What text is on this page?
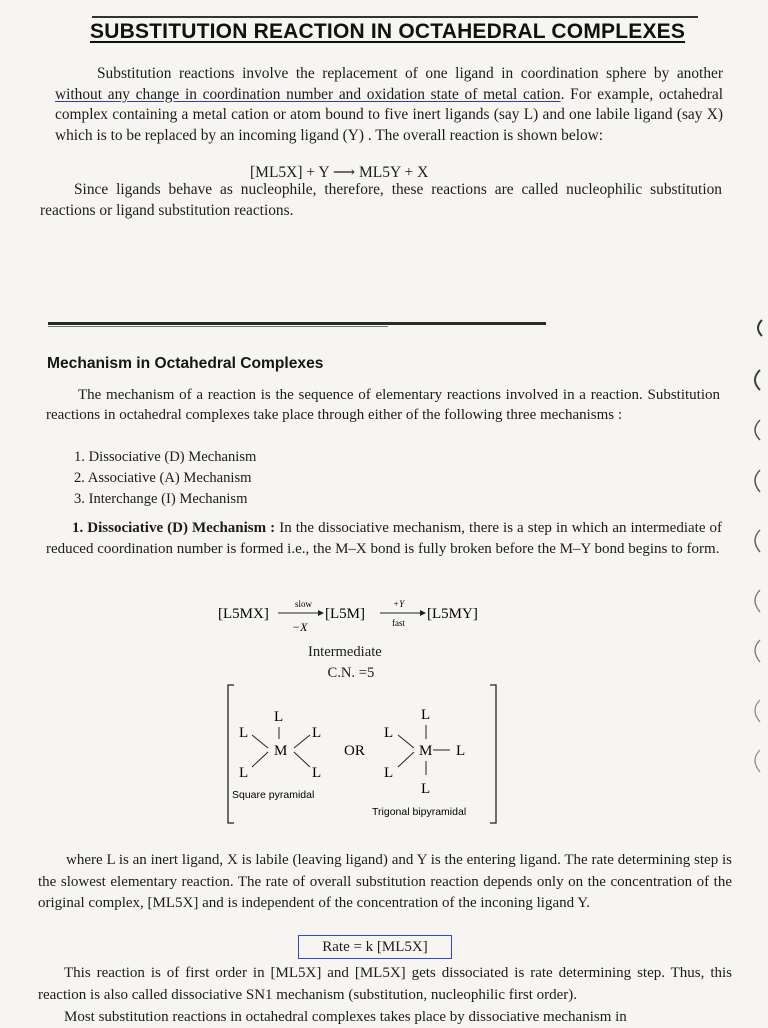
SUBSTITUTION REACTION IN OCTAHEDRAL COMPLEXES
Substitution reactions involve the replacement of one ligand in coordination sphere by another without any change in coordination number and oxidation state of metal cation. For example, octahedral complex containing a metal cation or atom bound to five inert ligands (say L) and one labile ligand (say X) which is to be replaced by an incoming ligand (Y) . The overall reaction is shown below:
[ML5X] + Y ⟶ ML5Y + X
Since ligands behave as nucleophile, therefore, these reactions are called nucleophilic substitution reactions or ligand substitution reactions.
Mechanism in Octahedral Complexes
The mechanism of a reaction is the sequence of elementary reactions involved in a reaction. Substitution reactions in octahedral complexes take place through either of the following three mechanisms :
1. Dissociative (D) Mechanism
2. Associative (A) Mechanism
3. Interchange (I) Mechanism
1. Dissociative (D) Mechanism : In the dissociative mechanism, there is a step in which an intermediate of reduced coordination number is formed i.e., the M–X bond is fully broken before the M–Y bond begins to form.
[L5MX]
slow
−X
[L5M]
+Y
fast
[L5MY]
Intermediate
C.N. =5
L
M
L
L
L
L
Square pyramidal
OR
L
M L
L
L
L
Trigonal bipyramidal
where L is an inert ligand, X is labile (leaving ligand) and Y is the entering ligand. The rate determining step is the slowest elementary reaction. The rate of overall substitution reaction depends only on the concentration of the original complex, [ML5X] and is independent of the concentration of the inconing ligand Y.
Rate = k [ML5X]
This reaction is of first order in [ML5X] and [ML5X] gets dissociated is rate determining step. Thus, this reaction is also called dissociative SN1 mechanism (substitution, nucleophilic first order).
Most substitution reactions in octahedral complexes takes place by dissociative mechanism in
